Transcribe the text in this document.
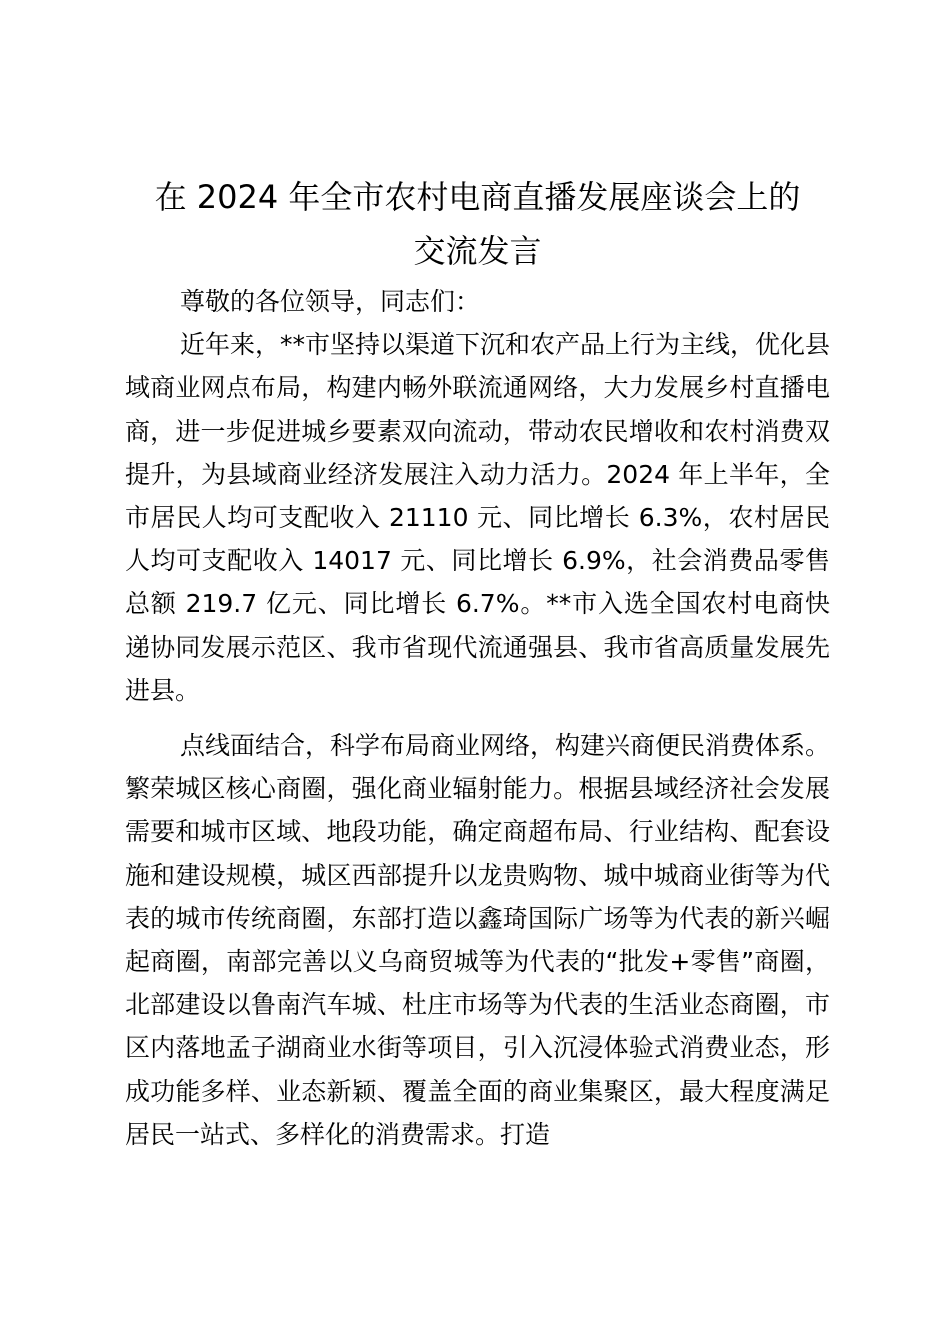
在 2024 年全市农村电商直播发展座谈会上的
交流发言

尊敬的各位领导，同志们：

近年来，**市坚持以渠道下沉和农产品上行为主线，优化县域商业网点布局，构建内畅外联流通网络，大力发展乡村直播电商，进一步促进城乡要素双向流动，带动农民增收和农村消费双提升，为县域商业经济发展注入动力活力。2024 年上半年，全市居民人均可支配收入 21110 元、同比增长 6.3%，农村居民人均可支配收入 14017 元、同比增长 6.9%，社会消费品零售总额 219.7 亿元、同比增长 6.7%。**市入选全国农村电商快递协同发展示范区、我市省现代流通强县、我市省高质量发展先进县。

点线面结合，科学布局商业网络，构建兴商便民消费体系。繁荣城区核心商圈，强化商业辐射能力。根据县域经济社会发展需要和城市区域、地段功能，确定商超布局、行业结构、配套设施和建设规模，城区西部提升以龙贵购物、城中城商业街等为代表的城市传统商圈，东部打造以鑫琦国际广场等为代表的新兴崛起商圈，南部完善以义乌商贸城等为代表的“批发+零售”商圈，北部建设以鲁南汽车城、杜庄市场等为代表的生活业态商圈，市区内落地孟子湖商业水街等项目，引入沉浸体验式消费业态，形成功能多样、业态新颖、覆盖全面的商业集聚区，最大程度满足居民一站式、多样化的消费需求。打造
